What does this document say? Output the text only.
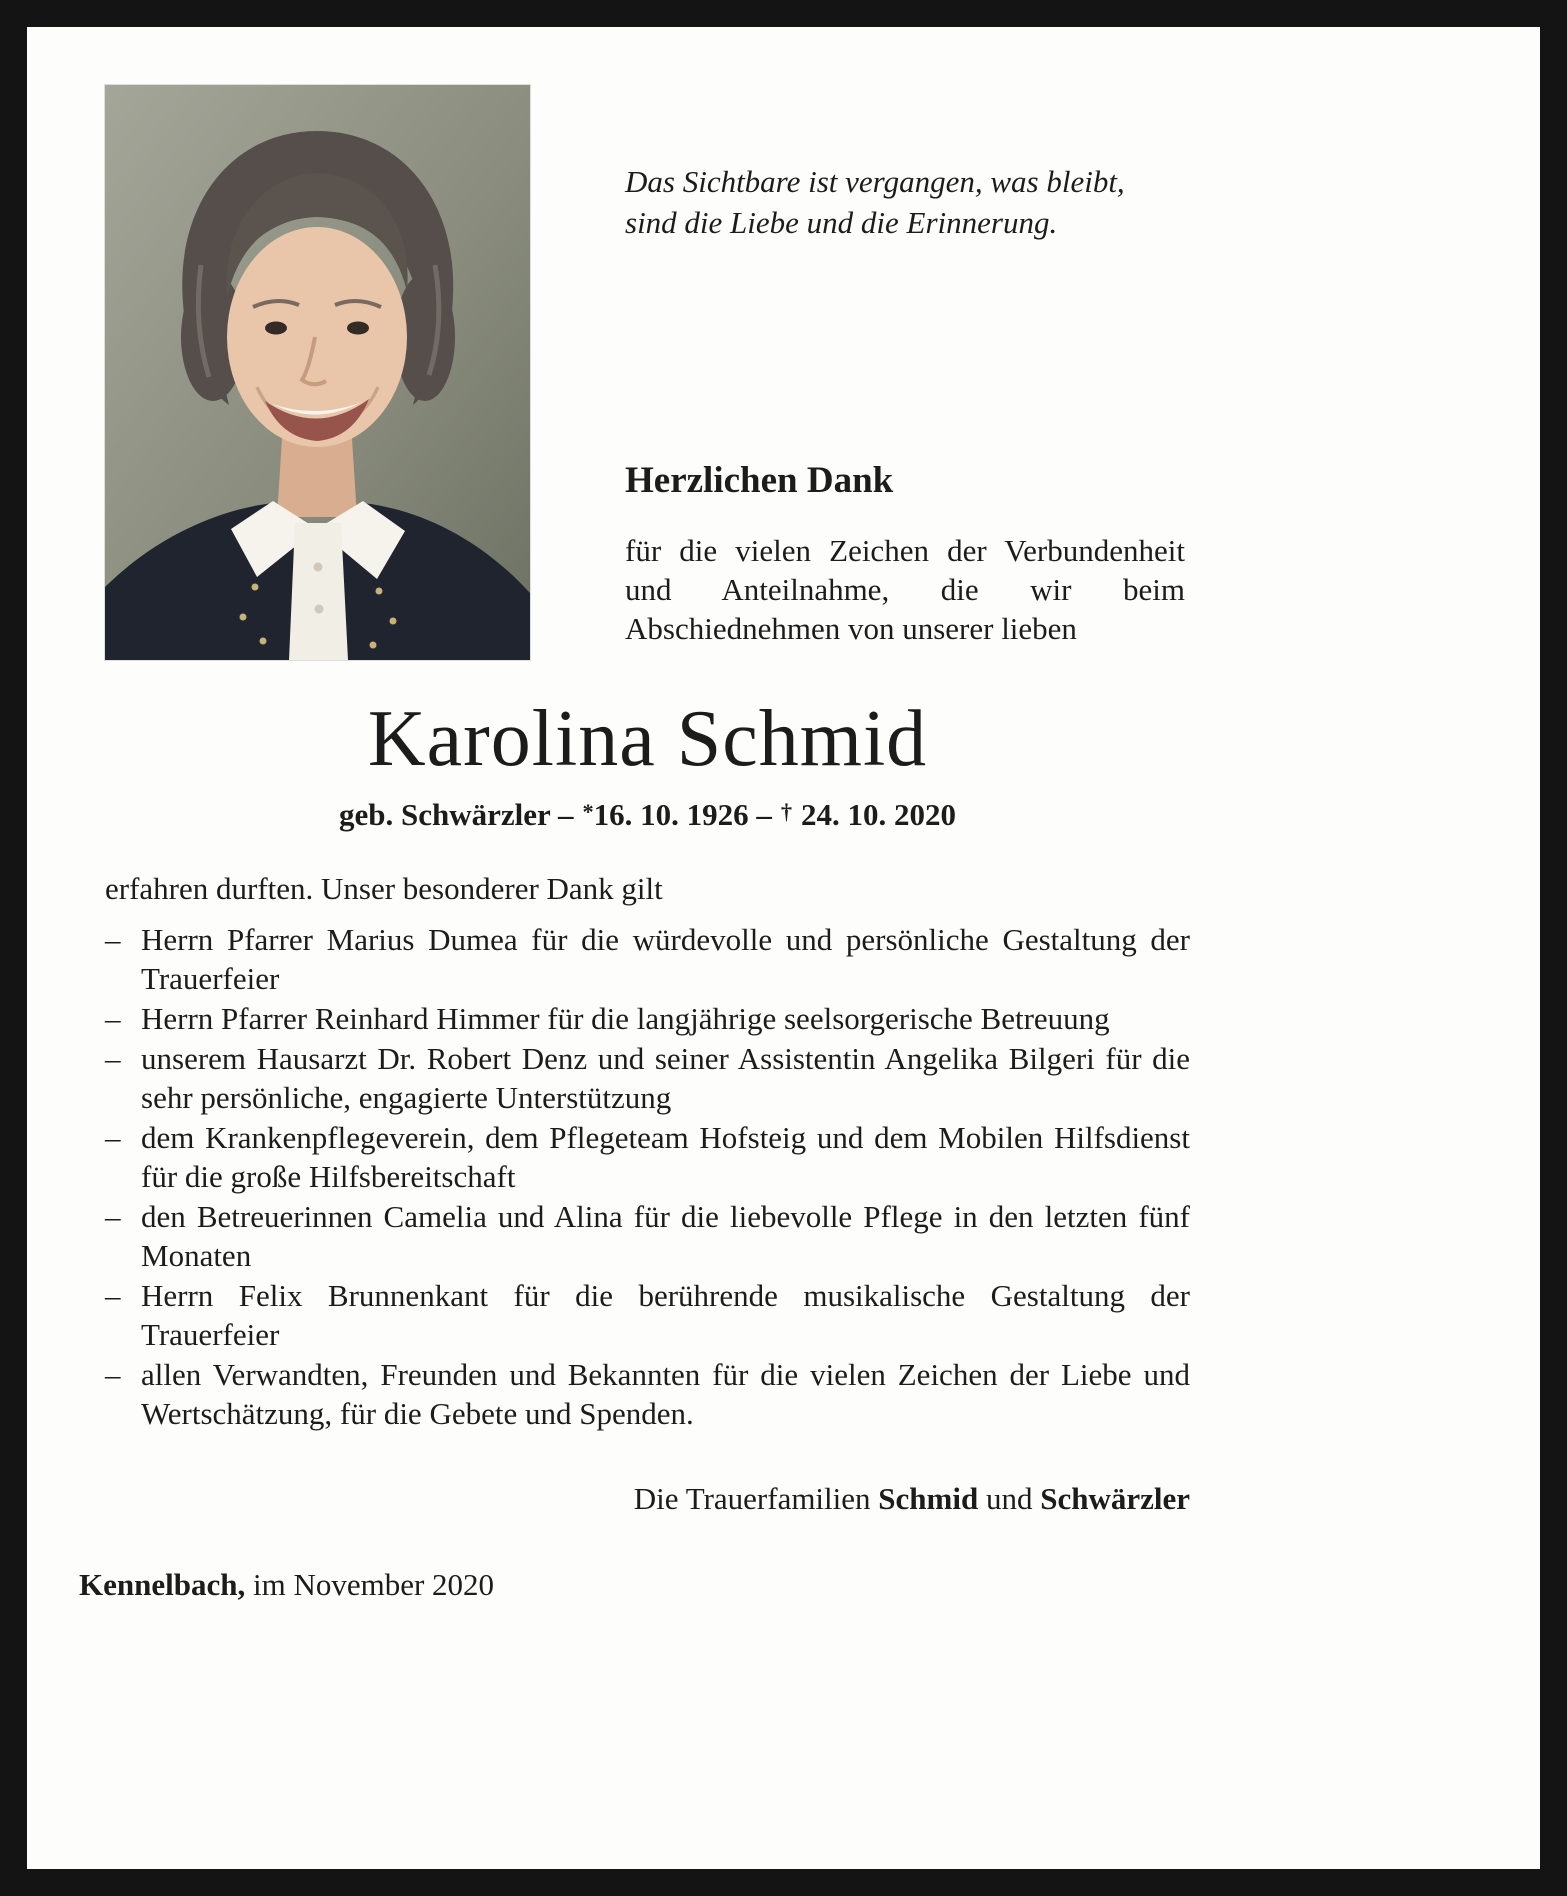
Das Sichtbare ist vergangen, was bleibt,
sind die Liebe und die Erinnerung.
Herzlichen Dank
für die vielen Zeichen der Verbundenheit und Anteilnahme, die wir beim Abschiednehmen von unserer lieben
Karolina Schmid
geb. Schwärzler – *16. 10. 1926 – † 24. 10. 2020
erfahren durften. Unser besonderer Dank gilt
– Herrn Pfarrer Marius Dumea für die würdevolle und persönliche Gestaltung der Trauerfeier
– Herrn Pfarrer Reinhard Himmer für die langjährige seelsorgerische Betreuung
– unserem Hausarzt Dr. Robert Denz und seiner Assistentin Angelika Bilgeri für die sehr persönliche, engagierte Unterstützung
– dem Krankenpflegeverein, dem Pflegeteam Hofsteig und dem Mobilen Hilfsdienst für die große Hilfsbereitschaft
– den Betreuerinnen Camelia und Alina für die liebevolle Pflege in den letzten fünf Monaten
– Herrn Felix Brunnenkant für die berührende musikalische Gestaltung der Trauerfeier
– allen Verwandten, Freunden und Bekannten für die vielen Zeichen der Liebe und Wertschätzung, für die Gebete und Spenden.
Die Trauerfamilien Schmid und Schwärzler
Kennelbach, im November 2020
